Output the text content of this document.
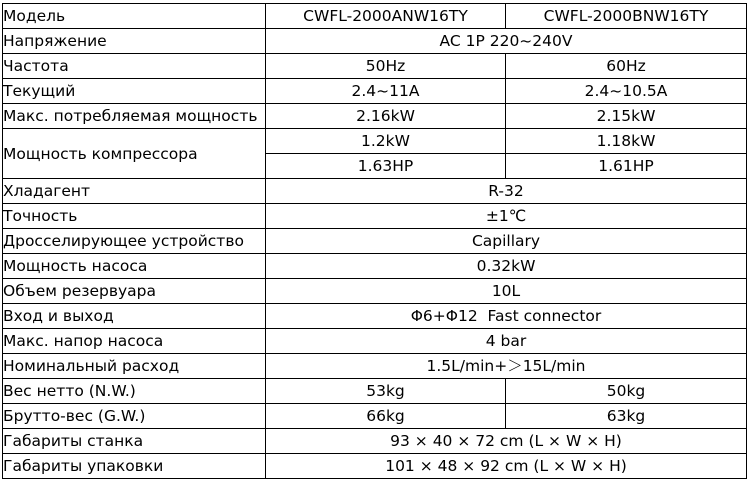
Модель	CWFL-2000ANW16TY	CWFL-2000BNW16TY
Напряжение	AC 1P 220~240V	
Частота	50Hz	60Hz
Текущий	2.4~11A	2.4~10.5A
Макс. потребляемая мощность	2.16kW	2.15kW
Мощность компрессора	1.2kW	1.18kW
	1.63HP	1.61HP
Хладагент	R-32	
Точность	±1℃	
Дросселирующее устройство	Capillary	
Мощность насоса	0.32kW	
Объем резервуара	10L	
Вход и выход	Φ6+Φ12  Fast connector	
Макс. напор насоса	4 bar	
Номинальный расход	1.5L/min+＞15L/min	
Вес нетто (N.W.)	53kg	50kg
Брутто-вес (G.W.)	66kg	63kg
Габариты станка	93 × 40 × 72 cm (L × W × H)	
Габариты упаковки	101 × 48 × 92 cm (L × W × H)	
